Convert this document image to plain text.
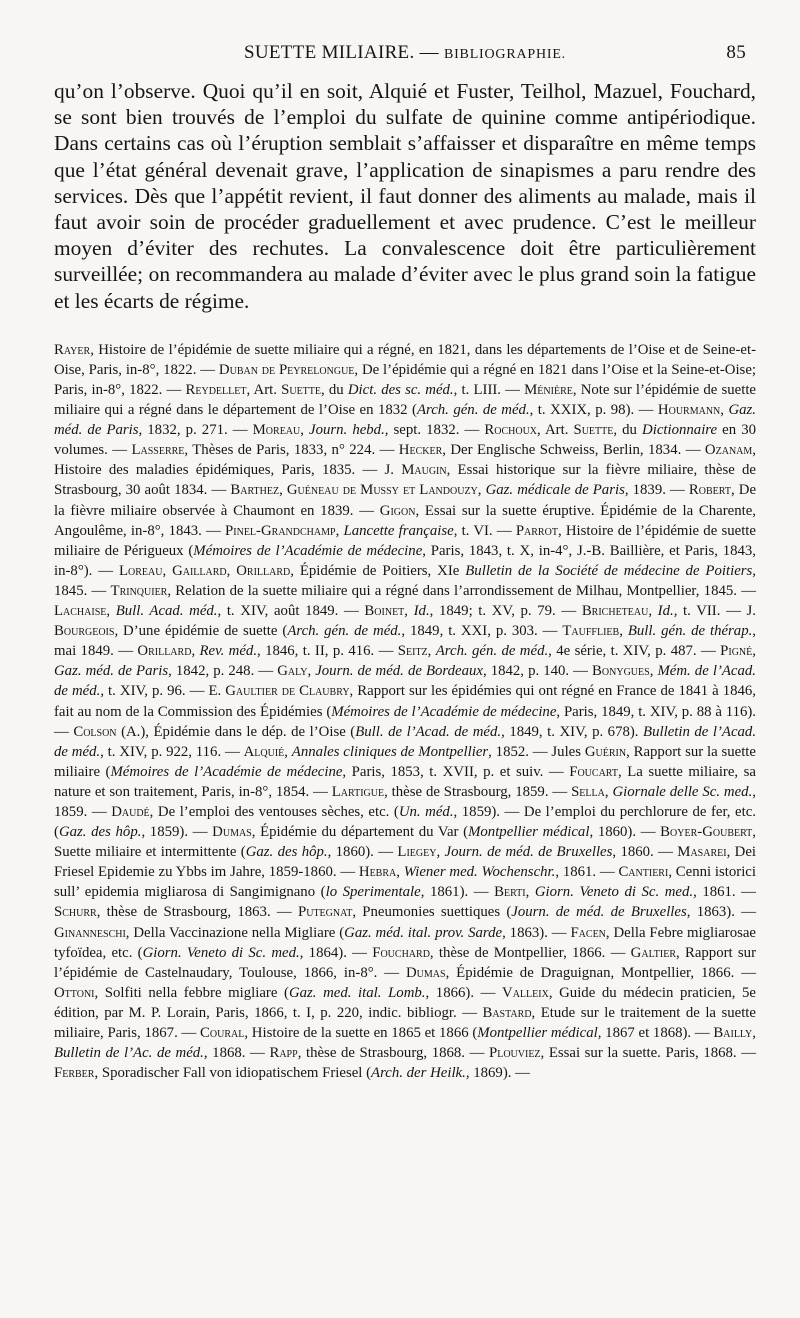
SUETTE MILIAIRE. — BIBLIOGRAPHIE.	85

qu’on l’observe. Quoi qu’il en soit, Alquié et Fuster, Teilhol, Mazuel, Fouchard, se sont bien trouvés de l’emploi du sulfate de quinine comme antipériodique. Dans certains cas où l’éruption semblait s’affaisser et disparaître en même temps que l’état général devenait grave, l’application de sinapismes a paru rendre des services. Dès que l’appétit revient, il faut donner des aliments au malade, mais il faut avoir soin de procéder graduellement et avec prudence. C’est le meilleur moyen d’éviter des rechutes. La convalescence doit être particulièrement surveillée; on recommandera au malade d’éviter avec le plus grand soin la fatigue et les écarts de régime.

Rayer, Histoire de l’épidémie de suette miliaire qui a régné, en 1821, dans les départements de l’Oise et de Seine-et-Oise, Paris, in-8°, 1822. — Duban de Peyrelongue, De l’épidémie qui a régné en 1821 dans l’Oise et la Seine-et-Oise; Paris, in-8°, 1822. — Reydellet, Art. Suette, du Dict. des sc. méd., t. LIII. — Ménière, Note sur l’épidémie de suette miliaire qui a régné dans le département de l’Oise en 1832 (Arch. gén. de méd., t. XXIX, p. 98). — Hourmann, Gaz. méd. de Paris, 1832, p. 271. — Moreau, Journ. hebd., sept. 1832. — Rochoux, Art. Suette, du Dictionnaire en 30 volumes. — Lasserre, Thèses de Paris, 1833, n° 224. — Hecker, Der Englische Schweiss, Berlin, 1834. — Ozanam, Histoire des maladies épidémiques, Paris, 1835. — J. Maugin, Essai historique sur la fièvre miliaire, thèse de Strasbourg, 30 août 1834. — Barthez, Guéneau de Mussy et Landouzy, Gaz. médicale de Paris, 1839. — Robert, De la fièvre miliaire observée à Chaumont en 1839. — Gigon, Essai sur la suette éruptive. Épidémie de la Charente, Angoulême, in-8°, 1843. — Pinel-Grandchamp, Lancette française, t. VI. — Parrot, Histoire de l’épidémie de suette miliaire de Périgueux (Mémoires de l’Académie de médecine, Paris, 1843, t. X, in-4°, J.-B. Baillière, et Paris, 1843, in-8°). — Loreau, Gaillard, Orillard, Épidémie de Poitiers, XIe Bulletin de la Société de médecine de Poitiers, 1845. — Trinquier, Relation de la suette miliaire qui a régné dans l’arrondissement de Milhau, Montpellier, 1845. — Lachaise, Bull. Acad. méd., t. XIV, août 1849. — Boinet, Id., 1849; t. XV, p. 79. — Bricheteau, Id., t. VII. — J. Bourgeois, D’une épidémie de suette (Arch. gén. de méd., 1849, t. XXI, p. 303. — Taufflieb, Bull. gén. de thérap., mai 1849. — Orillard, Rev. méd., 1846, t. II, p. 416. — Seitz, Arch. gén. de méd., 4e série, t. XIV, p. 487. — Pigné, Gaz. méd. de Paris, 1842, p. 248. — Galy, Journ. de méd. de Bordeaux, 1842, p. 140. — Bonygues, Mém. de l’Acad. de méd., t. XIV, p. 96. — E. Gaultier de Claubry, Rapport sur les épidémies qui ont régné en France de 1841 à 1846, fait au nom de la Commission des Épidémies (Mémoires de l’Académie de médecine, Paris, 1849, t. XIV, p. 88 à 116). — Colson (A.), Épidémie dans le dép. de l’Oise (Bull. de l’Acad. de méd., 1849, t. XIV, p. 678). Bulletin de l’Acad. de méd., t. XIV, p. 922, 116. — Alquié, Annales cliniques de Montpellier, 1852. — Jules Guérin, Rapport sur la suette miliaire (Mémoires de l’Académie de médecine, Paris, 1853, t. XVII, p. et suiv. — Foucart, La suette miliaire, sa nature et son traitement, Paris, in-8°, 1854. — Lartigue, thèse de Strasbourg, 1859. — Sella, Giornale delle Sc. med., 1859. — Daudé, De l’emploi des ventouses sèches, etc. (Un. méd., 1859). — De l’emploi du perchlorure de fer, etc. (Gaz. des hôp., 1859). — Dumas, Épidémie du département du Var (Montpellier médical, 1860). — Boyer-Goubert, Suette miliaire et intermittente (Gaz. des hôp., 1860). — Liegey, Journ. de méd. de Bruxelles, 1860. — Masarei, Dei Friesel Epidemie zu Ybbs im Jahre, 1859-1860. — Hebra, Wiener med. Wochenschr., 1861. — Cantieri, Cenni istorici sull’ epidemia migliarosa di Sangimignano (lo Sperimentale, 1861). — Berti, Giorn. Veneto di Sc. med., 1861. — Schurr, thèse de Strasbourg, 1863. — Putegnat, Pneumonies suettiques (Journ. de méd. de Bruxelles, 1863). — Ginanneschi, Della Vaccinazione nella Migliare (Gaz. méd. ital. prov. Sarde, 1863). — Facen, Della Febre migliarosae tyfoïdea, etc. (Giorn. Veneto di Sc. med., 1864). — Fouchard, thèse de Montpellier, 1866. — Galtier, Rapport sur l’épidémie de Castelnaudary, Toulouse, 1866, in-8°. — Dumas, Épidémie de Draguignan, Montpellier, 1866. — Ottoni, Solfiti nella febbre migliare (Gaz. med. ital. Lomb., 1866). — Valleix, Guide du médecin praticien, 5e édition, par M. P. Lorain, Paris, 1866, t. I, p. 220, indic. bibliogr. — Bastard, Etude sur le traitement de la suette miliaire, Paris, 1867. — Coural, Histoire de la suette en 1865 et 1866 (Montpellier médical, 1867 et 1868). — Bailly, Bulletin de l’Ac. de méd., 1868. — Rapp, thèse de Strasbourg, 1868. — Plouviez, Essai sur la suette. Paris, 1868. — Ferber, Sporadischer Fall von idiopatischem Friesel (Arch. der Heilk., 1869). —
